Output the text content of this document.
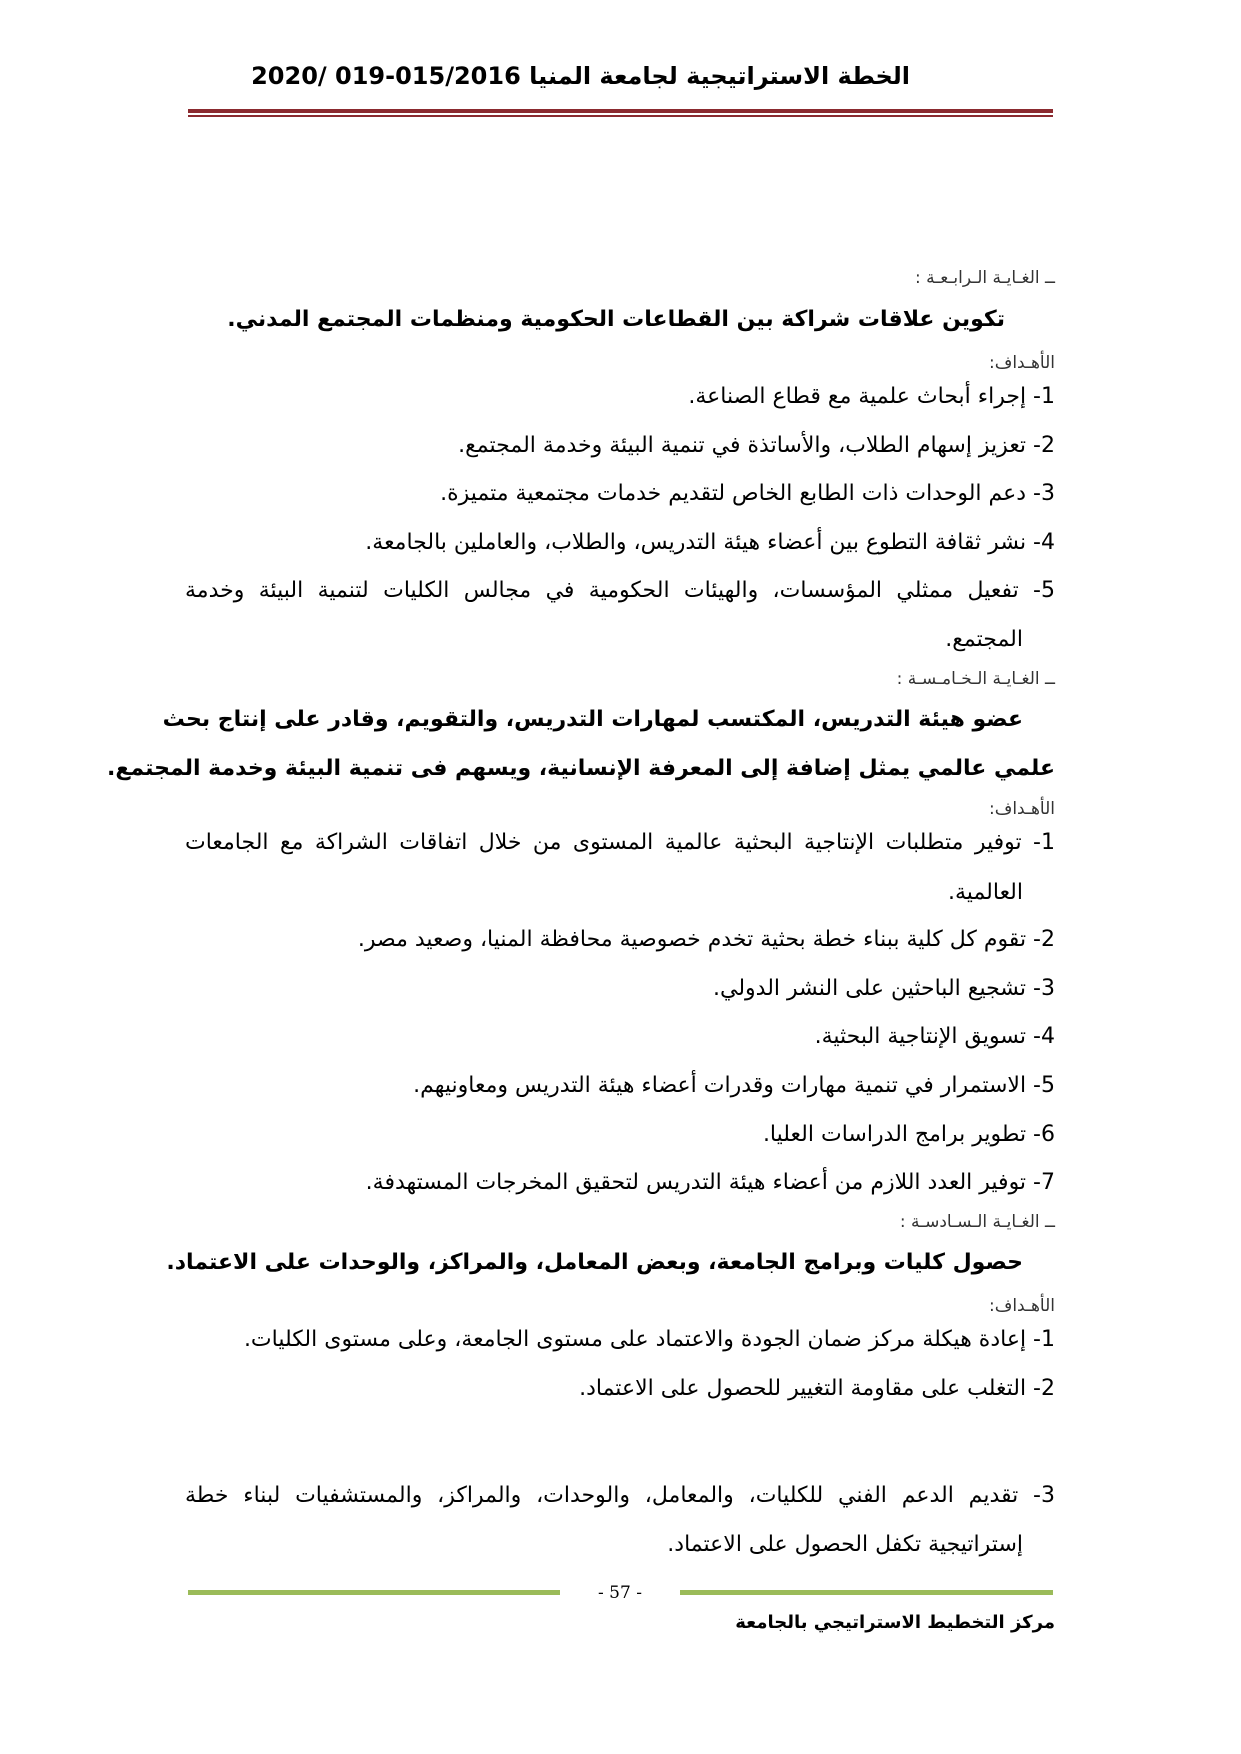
الخطة الاستراتيجية لجامعة المنيا 015/2016-019 /2020
ــ الغـايـة الـرابـعـة :
تكوين علاقات شراكة بين القطاعات الحكومية ومنظمات المجتمع المدني.
الأهـداف:
1- إجراء أبحاث علمية مع قطاع الصناعة.
2- تعزيز إسهام الطلاب، والأساتذة في تنمية البيئة وخدمة المجتمع.
3- دعم الوحدات ذات الطابع الخاص لتقديم خدمات مجتمعية متميزة.
4- نشر ثقافة التطوع بين أعضاء هيئة التدريس، والطلاب، والعاملين بالجامعة.
5- تفعيل ممثلي المؤسسات، والهيئات الحكومية في مجالس الكليات لتنمية البيئة وخدمة
المجتمع.
ــ الغـايـة الـخـامـسـة :
عضو هيئة التدريس، المكتسب لمهارات التدريس، والتقويم، وقادر على إنتاج بحث
علمي عالمي يمثل إضافة إلى المعرفة الإنسانية، ويسهم فى تنمية البيئة وخدمة المجتمع.
الأهـداف:
1- توفير متطلبات الإنتاجية البحثية عالمية المستوى من خلال اتفاقات الشراكة مع الجامعات
العالمية.
2- تقوم كل كلية ببناء خطة بحثية تخدم خصوصية محافظة المنيا، وصعيد مصر.
3- تشجيع الباحثين على النشر الدولي.
4- تسويق الإنتاجية البحثية.
5- الاستمرار في تنمية مهارات وقدرات أعضاء هيئة التدريس ومعاونيهم.
6- تطوير برامج الدراسات العليا.
7- توفير العدد اللازم من أعضاء هيئة التدريس لتحقيق المخرجات المستهدفة.
ــ الغـايـة الـسـادسـة :
حصول كليات وبرامج الجامعة، وبعض المعامل، والمراكز، والوحدات على الاعتماد.
الأهـداف:
1- إعادة هيكلة مركز ضمان الجودة والاعتماد على مستوى الجامعة، وعلى مستوى الكليات.
2- التغلب على مقاومة التغيير للحصول على الاعتماد.
3- تقديم الدعم الفني للكليات، والمعامل، والوحدات، والمراكز، والمستشفيات لبناء خطة
إستراتيجية تكفل الحصول على الاعتماد.
- 57 -
مركز التخطيط الاستراتيجي بالجامعة
